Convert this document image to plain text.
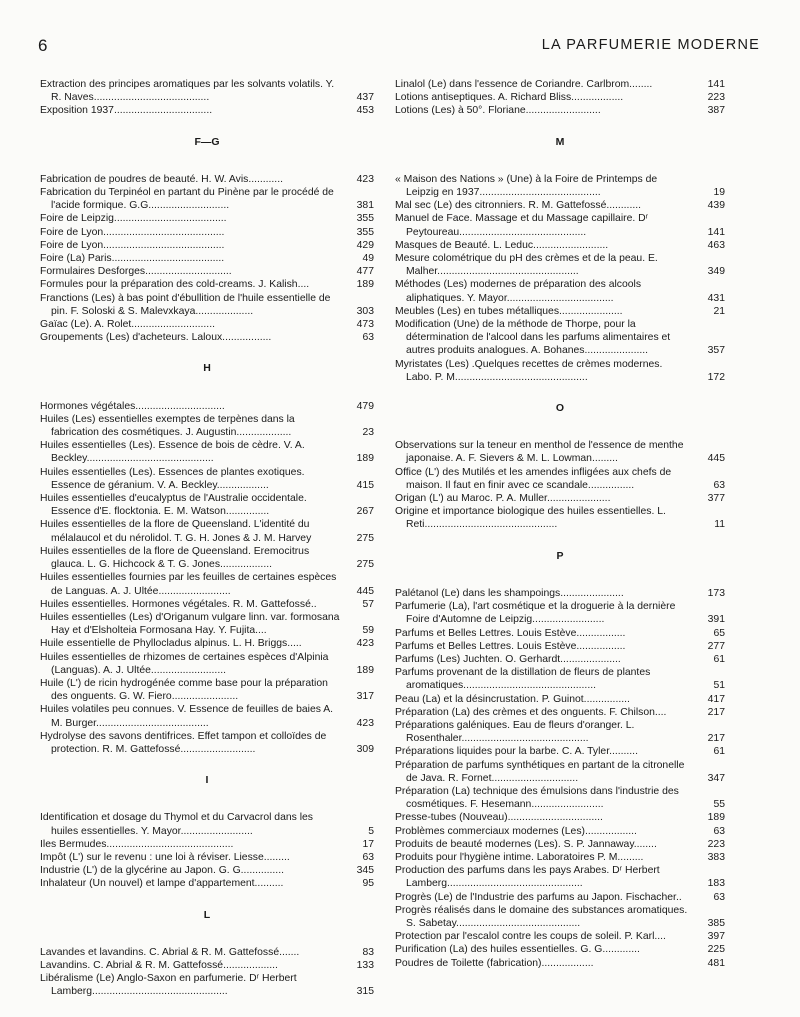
6	LA PARFUMERIE MODERNE
Extraction des principes aromatiques par les solvants volatils. Y. R. Naves........................................	437
Exposition 1937..................................	453
F—G
Fabrication de poudres de beauté. H. W. Avis............	423
Fabrication du Terpinéol en partant du Pinène par le procédé de l'acide formique. G.G............................	381
Foire de Leipzig.......................................	355
Foire de Lyon..........................................	355
Foire de Lyon..........................................	429
Foire (La) Paris.......................................	49
Formulaires Desforges..............................	477
Formules pour la préparation des cold-creams. J. Kalish....	189
Franctions (Les) à bas point d'ébullition de l'huile essentielle de pin. F. Soloski & S. Malevxkaya....................	303
Gaïac (Le). A. Rolet.............................	473
Groupements (Les) d'acheteurs. Laloux.................	63
H
Hormones végétales...............................	479
Huiles (Les) essentielles exemptes de terpènes dans la fabrication des cosmétiques. J. Augustin...................	23
Huiles essentielles (Les). Essence de bois de cèdre. V. A. Beckley............................................	189
Huiles essentielles (Les). Essences de plantes exotiques. Essence de géranium. V. A. Beckley..................	415
Huiles essentielles d'eucalyptus de l'Australie occidentale. Essence d'E. flocktonia. E. M. Watson...............	267
Huiles essentielles de la flore de Queensland. L'identité du mélalaucol et du nérolidol. T. G. H. Jones & J. M. Harvey	275
Huiles essentielles de la flore de Queensland. Eremocitrus glauca. L. G. Hichcock & T. G. Jones..................	275
Huiles essentielles fournies par les feuilles de certaines espèces de Languas. A. J. Ultée.........................	445
Huiles essentielles. Hormones végétales. R. M. Gattefossé..	57
Huiles essentielles (Les) d'Origanum vulgare linn. var. formosana Hay et d'Elsholteia Formosana Hay. Y. Fujita....	59
Huile essentielle de Phyllocladus alpinus. L. H. Briggs.....	423
Huiles essentielles de rhizomes de certaines espèces d'Alpinia (Languas). A. J. Ultée..........................	189
Huile (L') de ricin hydrogénée comme base pour la préparation des onguents. G. W. Fiero.......................	317
Huiles volatiles peu connues. V. Essence de feuilles de baies A. M. Burger.......................................	423
Hydrolyse des savons dentifrices. Effet tampon et colloïdes de protection. R. M. Gattefossé..........................	309
I
Identification et dosage du Thymol et du Carvacrol dans les huiles essentielles. Y. Mayor.........................	5
Iles Bermudes............................................	17
Impôt (L') sur le revenu : une loi à réviser. Liesse.........	63
Industrie (L') de la glycérine au Japon. G. G...............	345
Inhalateur (Un nouvel) et lampe d'appartement..........	95
L
Lavandes et lavandins. C. Abrial & R. M. Gattefossé.......	83
Lavandins. C. Abrial & R. M. Gattefossé...................	133
Libéralisme (Le) Anglo-Saxon en parfumerie. Dʳ Herbert Lamberg...............................................	315
Linalol (Le) dans l'essence de Coriandre. Carlbrom........	141
Lotions antiseptiques. A. Richard Bliss..................	223
Lotions (Les) à 50°. Floriane..........................	387
M
« Maison des Nations » (Une) à la Foire de Printemps de Leipzig en 1937..........................................	19
Mal sec (Le) des citronniers. R. M. Gattefossé............	439
Manuel de Face. Massage et du Massage capillaire. Dʳ Peytoureau............................................	141
Masques de Beauté. L. Leduc..........................	463
Mesure colométrique du pH des crèmes et de la peau. E. Malher.................................................	349
Méthodes (Les) modernes de préparation des alcools aliphatiques. Y. Mayor.....................................	431
Meubles (Les) en tubes métalliques......................	21
Modification (Une) de la méthode de Thorpe, pour la détermination de l'alcool dans les parfums alimentaires et autres produits analogues. A. Bohanes......................	357
Myristates (Les) .Quelques recettes de crèmes modernes. Labo. P. M..............................................	172
O
Observations sur la teneur en menthol de l'essence de menthe japonaise. A. F. Sievers & M. L. Lowman.........	445
Office (L') des Mutilés et les amendes infligées aux chefs de maison. Il faut en finir avec ce scandale................	63
Origan (L') au Maroc. P. A. Muller......................	377
Origine et importance biologique des huiles essentielles. L. Reti..............................................	11
P
Palétanol (Le) dans les shampoings......................	173
Parfumerie (La), l'art cosmétique et la droguerie à la dernière Foire d'Automne de Leipzig.........................	391
Parfums et Belles Lettres. Louis Estève.................	65
Parfums et Belles Lettres. Louis Estève.................	277
Parfums (Les) Juchten. O. Gerhardt.....................	61
Parfums provenant de la distillation de fleurs de plantes aromatiques..............................................	51
Peau (La) et la désincrustation. P. Guinot................	417
Préparation (La) des crèmes et des onguents. F. Chilson....	217
Préparations galéniques. Eau de fleurs d'oranger. L. Rosenthaler............................................	217
Préparations liquides pour la barbe. C. A. Tyler..........	61
Préparation de parfums synthétiques en partant de la citronelle de Java. R. Fornet..............................	347
Préparation (La) technique des émulsions dans l'industrie des cosmétiques. F. Hesemann.........................	55
Presse-tubes (Nouveau).................................	189
Problèmes commerciaux modernes (Les)..................	63
Produits de beauté modernes (Les). S. P. Jannaway........	223
Produits pour l'hygiène intime. Laboratoires P. M.........	383
Production des parfums dans les pays Arabes. Dʳ Herbert Lamberg...............................................	183
Progrès (Le) de l'Industrie des parfums au Japon. Fischacher..	63
Progrès réalisés dans le domaine des substances aromatiques. S. Sabetay...........................................	385
Protection par l'escalol contre les coups de soleil. P. Karl....	397
Purification (La) des huiles essentielles. G. G.............	225
Poudres de Toilette (fabrication)..................	481
